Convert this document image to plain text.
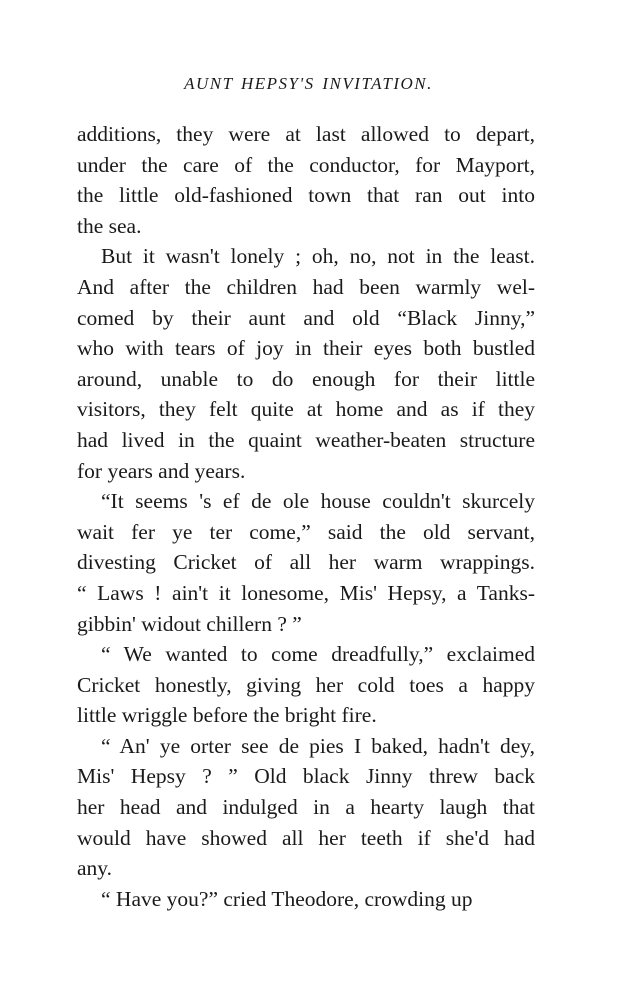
AUNT HEPSY'S INVITATION.
additions, they were at last allowed to depart,
under the care of the conductor, for Mayport,
the little old-fashioned town that ran out into
the sea.
But it wasn't lonely ; oh, no, not in the least.
And after the children had been warmly wel-
comed by their aunt and old “Black Jinny,”
who with tears of joy in their eyes both bustled
around, unable to do enough for their little
visitors, they felt quite at home and as if they
had lived in the quaint weather-beaten structure
for years and years.
“It seems 's ef de ole house couldn't skurcely
wait fer ye ter come,” said the old servant,
divesting Cricket of all her warm wrappings.
“ Laws ! ain't it lonesome, Mis' Hepsy, a Tanks-
gibbin' widout chillern ? ”
“ We wanted to come dreadfully,” exclaimed
Cricket honestly, giving her cold toes a happy
little wriggle before the bright fire.
“ An' ye orter see de pies I baked, hadn't dey,
Mis' Hepsy ? ” Old black Jinny threw back
her head and indulged in a hearty laugh that
would have showed all her teeth if she'd had
any.
“ Have you?” cried Theodore, crowding up
